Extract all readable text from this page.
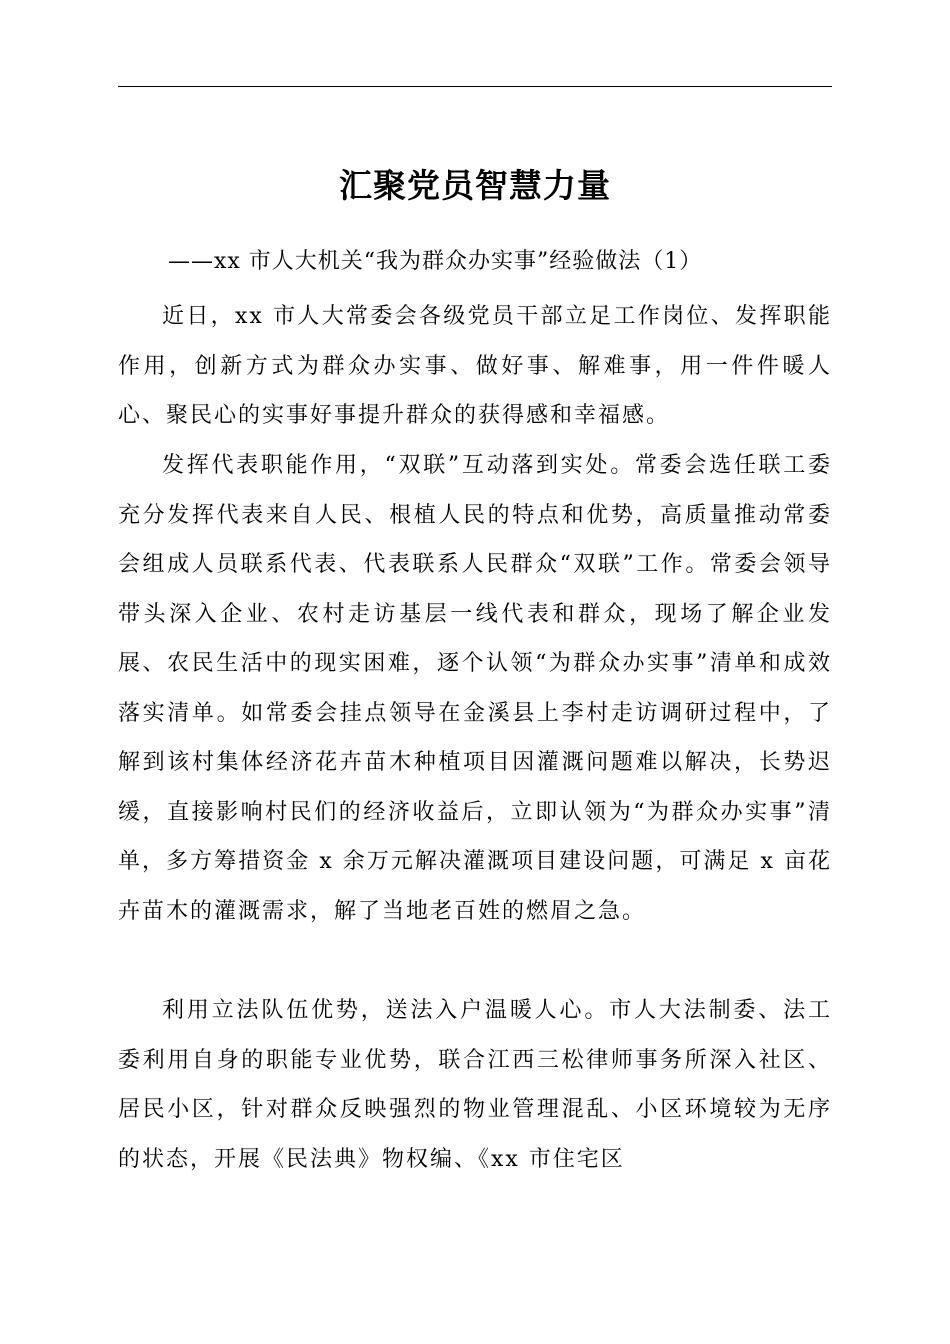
汇聚党员智慧力量
——xx 市人大机关“我为群众办实事”经验做法（1）

近日，xx 市人大常委会各级党员干部立足工作岗位、发挥职能作用，创新方式为群众办实事、做好事、解难事，用一件件暖人心、聚民心的实事好事提升群众的获得感和幸福感。

发挥代表职能作用，“双联”互动落到实处。常委会选任联工委充分发挥代表来自人民、根植人民的特点和优势，高质量推动常委会组成人员联系代表、代表联系人民群众“双联”工作。常委会领导带头深入企业、农村走访基层一线代表和群众，现场了解企业发展、农民生活中的现实困难，逐个认领“为群众办实事”清单和成效落实清单。如常委会挂点领导在金溪县上李村走访调研过程中，了解到该村集体经济花卉苗木种植项目因灌溉问题难以解决，长势迟缓，直接影响村民们的经济收益后，立即认领为“为群众办实事”清单，多方筹措资金 x 余万元解决灌溉项目建设问题，可满足 x 亩花卉苗木的灌溉需求，解了当地老百姓的燃眉之急。

利用立法队伍优势，送法入户温暖人心。市人大法制委、法工委利用自身的职能专业优势，联合江西三松律师事务所深入社区、居民小区，针对群众反映强烈的物业管理混乱、小区环境较为无序的状态，开展《民法典》物权编、《xx 市住宅区
